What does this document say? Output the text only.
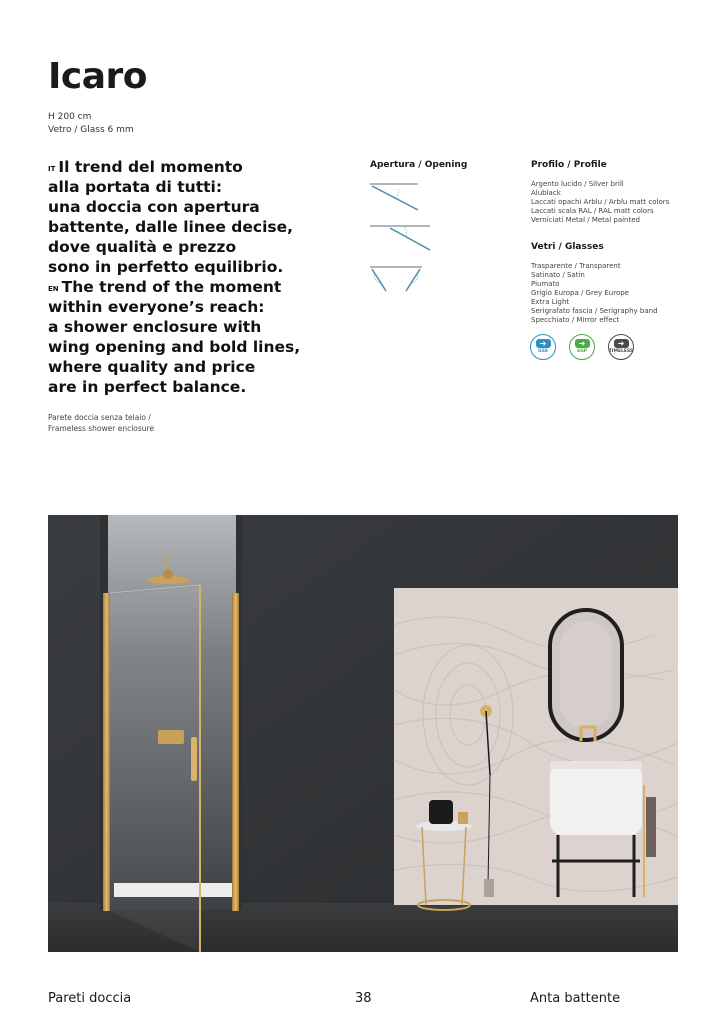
Icaro
H 200 cm
Vetro / Glass 6 mm
$^{IT}$ Il trend del momento
alla portata di tutti:
una doccia con apertura
battente, dalle linee decise,
dove qualità e prezzo
sono in perfetto equilibrio.
$^{EN}$ The trend of the moment
within everyone’s reach:
a shower enclosure with
wing opening and bold lines,
where quality and price
are in perfect balance.
Parete doccia senza telaio /
Frameless shower enclosure
Apertura / Opening	Profilo / Profile
Argento lucido / Silver brill
Alublack
Laccati opachi Arblu / Arblu matt colors
Laccati scala RAL / RAL matt colors
Verniciati Metal / Metal painted
Vetri / Glasses
Trasparente / Transparent
Satinato / Satin
Piumato
Grigio Europa / Grey Europe
Extra Light
Serigrafato fascia / Serigraphy band
Specchiato / Mirror effect
➜
GSS
➜
SGP
➜
TIMELESS
Pareti doccia	38	Anta battente
